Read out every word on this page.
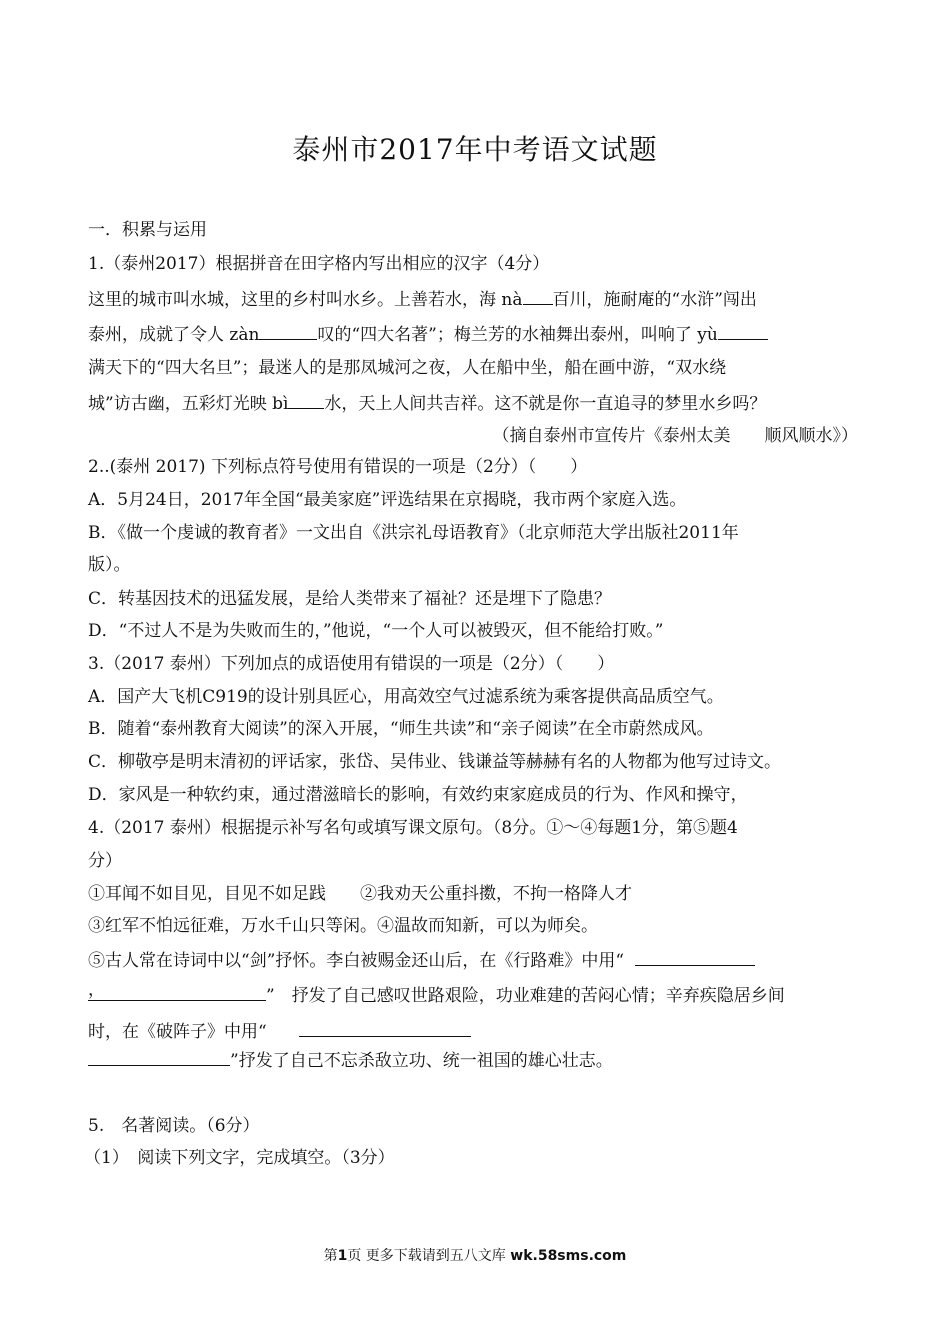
泰州市2017年中考语文试题
一．积累与运用
1.（泰州2017）根据拼音在田字格内写出相应的汉字（4分）
这里的城市叫水城，这里的乡村叫水乡。上善若水，海 nà 百川，施耐庵的“水浒”闯出
泰州，成就了令人 zàn	叹的“四大名著”；梅兰芳的水袖舞出泰州，叫响了 yù
满天下的“四大名旦”；最迷人的是那凤城河之夜，人在船中坐，船在画中游，“双水绕
城”访古幽，五彩灯光映 bì 水，天上人间共吉祥。这不就是你一直追寻的梦里水乡吗？
（摘自泰州市宣传片《泰州太美　　顺风顺水》）
2..(泰州 2017) 下列标点符号使用有错误的一项是（2分）（　　）
A．5月24日，2017年全国“最美家庭”评选结果在京揭晓，我市两个家庭入选。
B．《做一个虔诚的教育者》一文出自《洪宗礼母语教育》（北京师范大学出版社2011年
版）。
C．转基因技术的迅猛发展，是给人类带来了福祉？还是埋下了隐患？
D．“不过人不是为失败而生的，”他说，“一个人可以被毁灭，但不能给打败。”
3.（2017 泰州）下列加点的成语使用有错误的一项是（2分）（　　）
A．国产大飞机C919的设计别具匠心，用高效空气过滤系统为乘客提供高品质空气。
B．随着“泰州教育大阅读”的深入开展，“师生共读”和“亲子阅读”在全市蔚然成风。
C．柳敬亭是明末清初的评话家，张岱、吴伟业、钱谦益等赫赫有名的人物都为他写过诗文。
D．家风是一种软约束，通过潜滋暗长的影响，有效约束家庭成员的行为、作风和操守，
4.（2017 泰州）根据提示补写名句或填写课文原句。（8分。①～④每题1分，第⑤题4
分）
①耳闻不如目见，目见不如足践　　②我劝天公重抖擞，不拘一格降人才
③红军不怕远征难，万水千山只等闲。④温故而知新，可以为师矣。
⑤古人常在诗词中以“剑”抒怀。李白被赐金还山后，在《行路难》中用“
，	”　抒发了自己感叹世路艰险，功业难建的苦闷心情；辛弃疾隐居乡间
时，在《破阵子》中用“
”抒发了自己不忘杀敌立功、统一祖国的雄心壮志。
5.　名著阅读。（6分）
（1）　阅读下列文字，完成填空。（3分）
第1页 更多下载请到五八文库 wk.58sms.com
